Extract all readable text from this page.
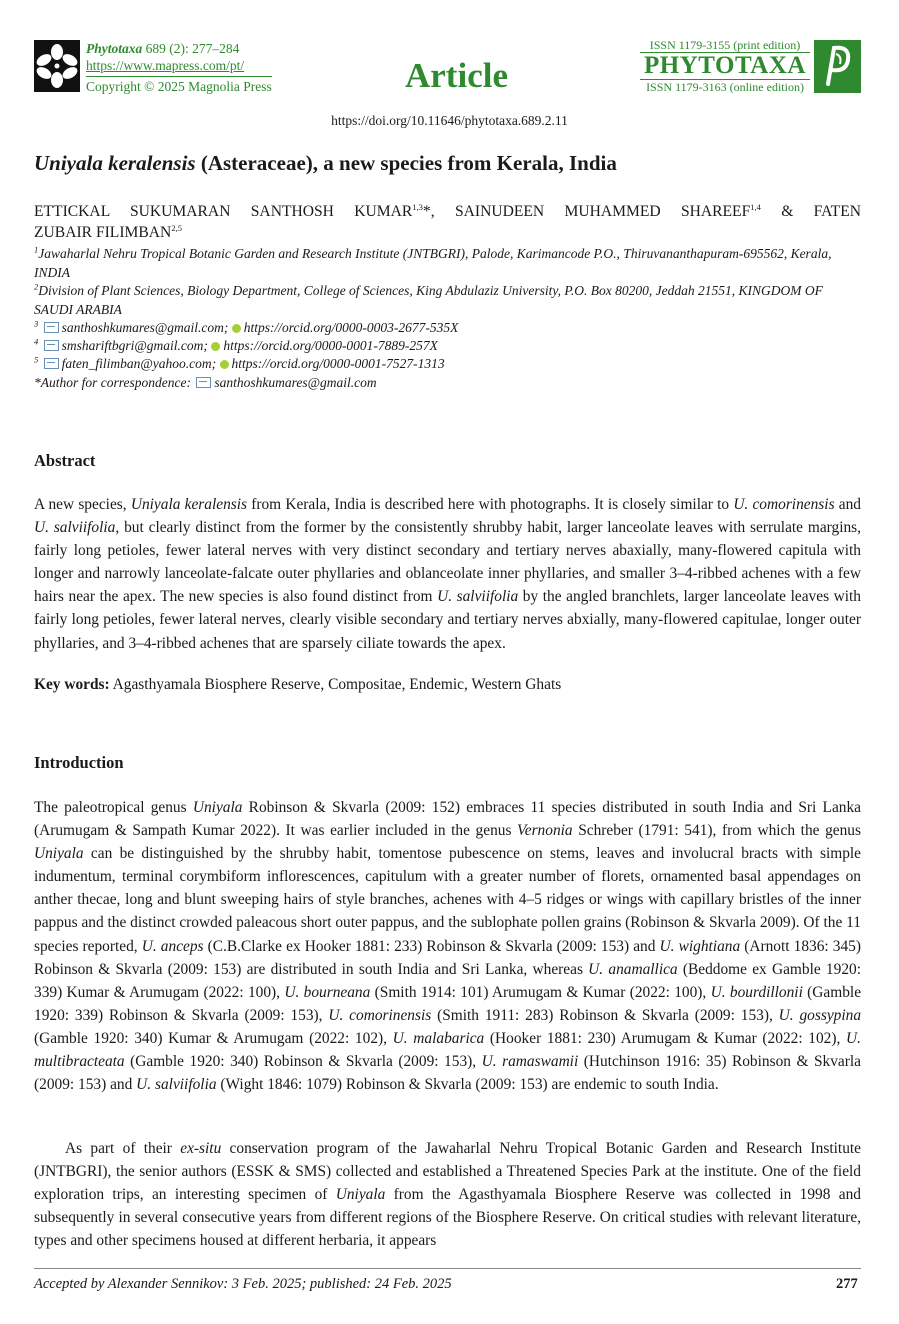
Phytotaxa 689 (2): 277–284
https://www.mapress.com/pt/
Copyright © 2025 Magnolia Press	Article
ISSN 1179-3155 (print edition)
PHYTOTAXA
ISSN 1179-3163 (online edition)
https://doi.org/10.11646/phytotaxa.689.2.11
Uniyala keralensis (Asteraceae), a new species from Kerala, India
ETTICKAL SUKUMARAN SANTHOSH KUMAR$^{1,3}$*, SAINUDEEN MUHAMMED SHAREEF$^{1,4}$ & FATEN
ZUBAIR FILIMBAN$^{2,5}$
$^1$Jawaharlal Nehru Tropical Botanic Garden and Research Institute (JNTBGRI), Palode, Karimancode P.O., Thiruvananthapuram-695562, Kerala, INDIA
$^2$Division of Plant Sciences, Biology Department, College of Sciences, King Abdulaziz University, P.O. Box 80200, Jeddah 21551, KINGDOM OF SAUDI ARABIA
$^3$ santhoshkumares@gmail.com; https://orcid.org/0000-0003-2677-535X
$^4$ smshariftbgri@gmail.com; https://orcid.org/0000-0001-7889-257X
$^5$ faten_filimban@yahoo.com; https://orcid.org/0000-0001-7527-1313
*Author for correspondence: santhoshkumares@gmail.com
Abstract
A new species, Uniyala keralensis from Kerala, India is described here with photographs. It is closely similar to U. comorinensis and U. salviifolia, but clearly distinct from the former by the consistently shrubby habit, larger lanceolate leaves with serrulate margins, fairly long petioles, fewer lateral nerves with very distinct secondary and tertiary nerves abaxially, many-flowered capitula with longer and narrowly lanceolate-falcate outer phyllaries and oblanceolate inner phyllaries, and smaller 3–4-ribbed achenes with a few hairs near the apex. The new species is also found distinct from U. salviifolia by the angled branchlets, larger lanceolate leaves with fairly long petioles, fewer lateral nerves, clearly visible secondary and tertiary nerves abxially, many-flowered capitulae, longer outer phyllaries, and 3–4-ribbed achenes that are sparsely ciliate towards the apex.
Key words: Agasthyamala Biosphere Reserve, Compositae, Endemic, Western Ghats
Introduction
The paleotropical genus Uniyala Robinson & Skvarla (2009: 152) embraces 11 species distributed in south India and Sri Lanka (Arumugam & Sampath Kumar 2022). It was earlier included in the genus Vernonia Schreber (1791: 541), from which the genus Uniyala can be distinguished by the shrubby habit, tomentose pubescence on stems, leaves and involucral bracts with simple indumentum, terminal corymbiform inflorescences, capitulum with a greater number of florets, ornamented basal appendages on anther thecae, long and blunt sweeping hairs of style branches, achenes with 4–5 ridges or wings with capillary bristles of the inner pappus and the distinct crowded paleacous short outer pappus, and the sublophate pollen grains (Robinson & Skvarla 2009). Of the 11 species reported, U. anceps (C.B.Clarke ex Hooker 1881: 233) Robinson & Skvarla (2009: 153) and U. wightiana (Arnott 1836: 345) Robinson & Skvarla (2009: 153) are distributed in south India and Sri Lanka, whereas U. anamallica (Beddome ex Gamble 1920: 339) Kumar & Arumugam (2022: 100), U. bourneana (Smith 1914: 101) Arumugam & Kumar (2022: 100), U. bourdillonii (Gamble 1920: 339) Robinson & Skvarla (2009: 153), U. comorinensis (Smith 1911: 283) Robinson & Skvarla (2009: 153), U. gossypina (Gamble 1920: 340) Kumar & Arumugam (2022: 102), U. malabarica (Hooker 1881: 230) Arumugam & Kumar (2022: 102), U. multibracteata (Gamble 1920: 340) Robinson & Skvarla (2009: 153), U. ramaswamii (Hutchinson 1916: 35) Robinson & Skvarla (2009: 153) and U. salviifolia (Wight 1846: 1079) Robinson & Skvarla (2009: 153) are endemic to south India.
As part of their ex-situ conservation program of the Jawaharlal Nehru Tropical Botanic Garden and Research Institute (JNTBGRI), the senior authors (ESSK & SMS) collected and established a Threatened Species Park at the institute. One of the field exploration trips, an interesting specimen of Uniyala from the Agasthyamala Biosphere Reserve was collected in 1998 and subsequently in several consecutive years from different regions of the Biosphere Reserve. On critical studies with relevant literature, types and other specimens housed at different herbaria, it appears
Accepted by Alexander Sennikov: 3 Feb. 2025; published: 24 Feb. 2025	277
